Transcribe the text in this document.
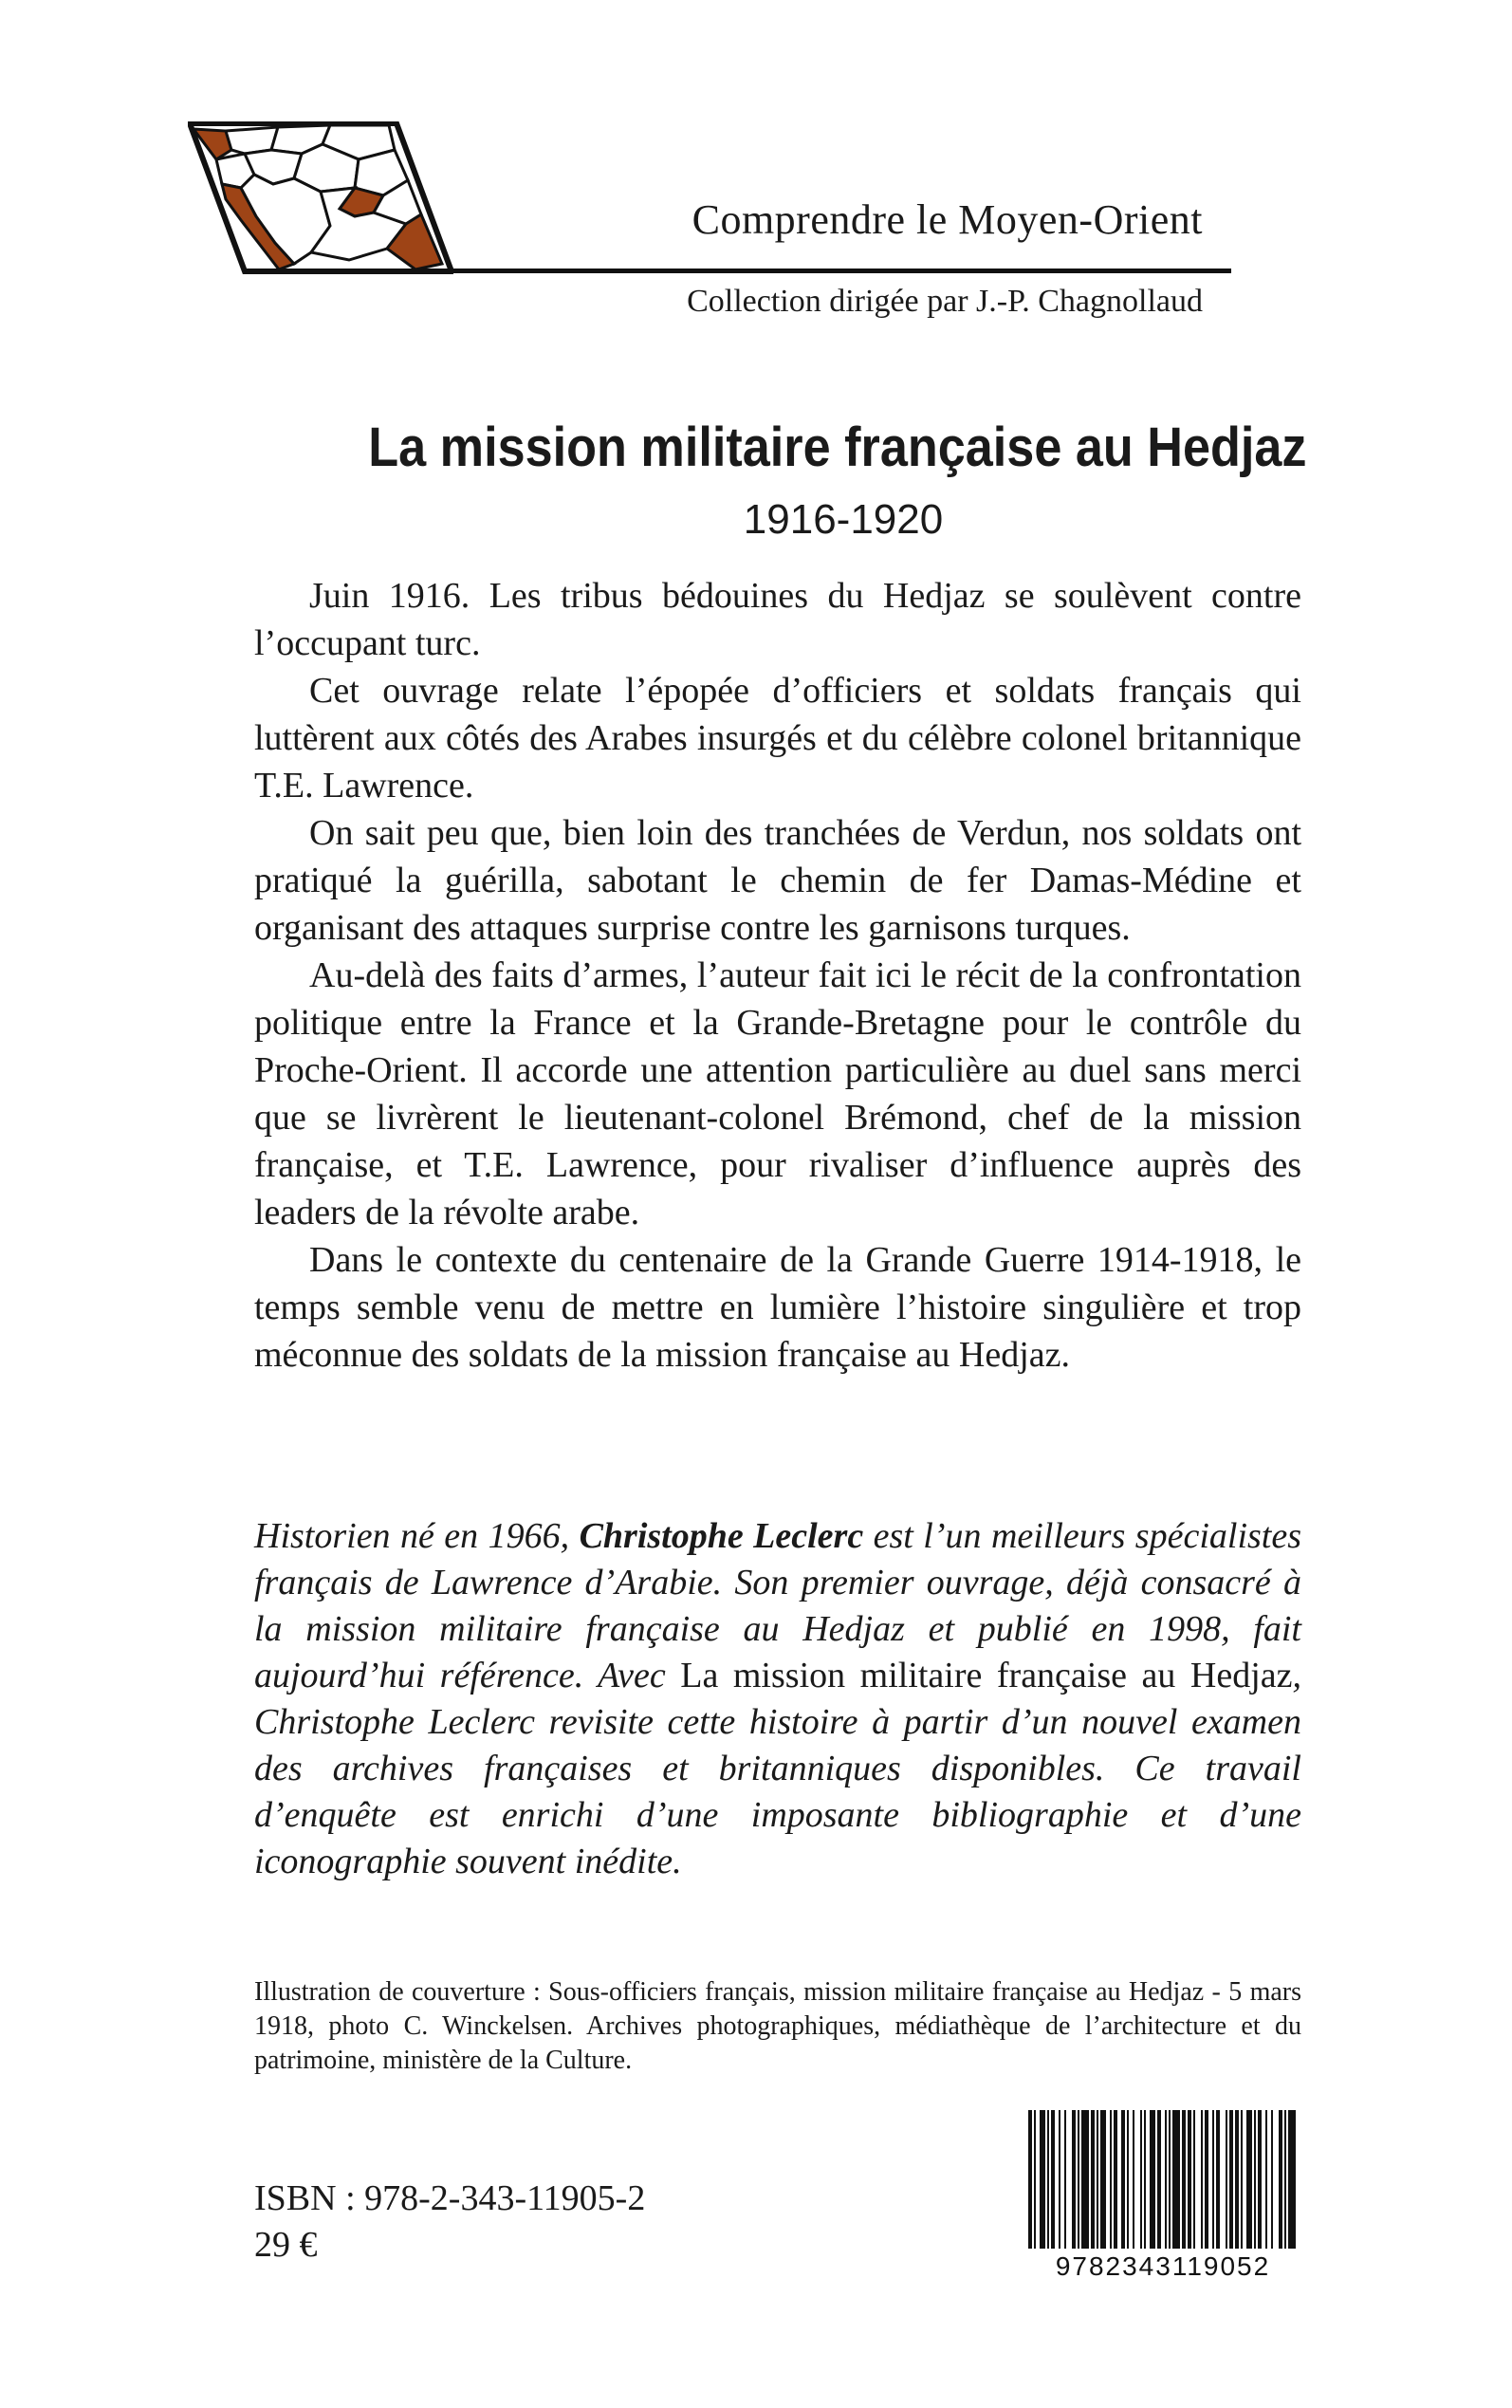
Comprendre le Moyen-Orient
Collection dirigée par J.-P. Chagnollaud
La mission militaire française au Hedjaz
1916-1920

Juin 1916. Les tribus bédouines du Hedjaz se soulèvent contre l’occupant turc.

Cet ouvrage relate l’épopée d’officiers et soldats français qui luttèrent aux côtés des Arabes insurgés et du célèbre colonel britannique T.E. Lawrence.

On sait peu que, bien loin des tranchées de Verdun, nos soldats ont pratiqué la guérilla, sabotant le chemin de fer Damas-Médine et organisant des attaques surprise contre les garnisons turques.

Au-delà des faits d’armes, l’auteur fait ici le récit de la confrontation politique entre la France et la Grande-Bretagne pour le contrôle du Proche-Orient. Il accorde une attention particulière au duel sans merci que se livrèrent le lieutenant-colonel Brémond, chef de la mission française, et T.E. Lawrence, pour rivaliser d’influence auprès des leaders de la révolte arabe.

Dans le contexte du centenaire de la Grande Guerre 1914-1918, le temps semble venu de mettre en lumière l’histoire singulière et trop méconnue des soldats de la mission française au Hedjaz.

Historien né en 1966, Christophe Leclerc est l’un meilleurs spécialistes français de Lawrence d’Arabie. Son premier ouvrage, déjà consacré à la mission militaire française au Hedjaz et publié en 1998, fait aujourd’hui référence. Avec La mission militaire française au Hedjaz, Christophe Leclerc revisite cette histoire à partir d’un nouvel examen des archives françaises et britanniques disponibles. Ce travail d’enquête est enrichi d’une imposante bibliographie et d’une iconographie souvent inédite.

Illustration de couverture : Sous-officiers français, mission militaire française au Hedjaz - 5 mars 1918, photo C. Winckelsen. Archives photographiques, médiathèque de l’architecture et du patrimoine, ministère de la Culture.

9782343119052
ISBN : 978-2-343-11905-2
29 €
